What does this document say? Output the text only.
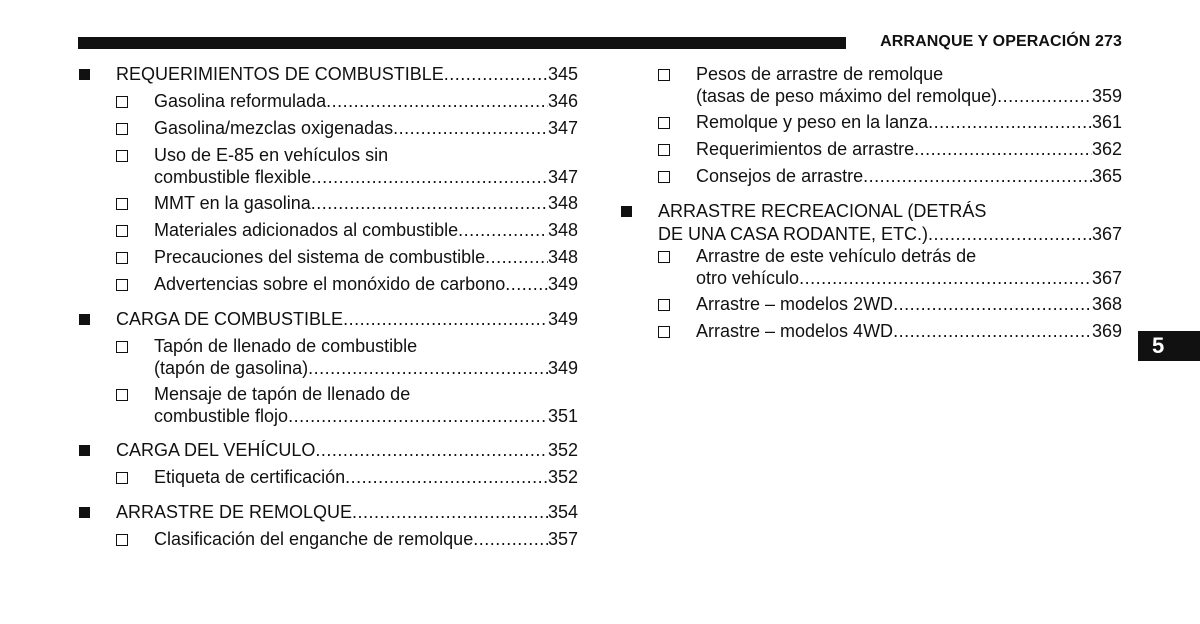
ARRANQUE Y OPERACIÓN 273
REQUERIMIENTOS DE COMBUSTIBLE .....	345
Gasolina reformulada .....	346
Gasolina/mezclas oxigenadas .....	347
Uso de E-85 en vehículos sin
combustible flexible .....	347
MMT en la gasolina .....	348
Materiales adicionados al combustible .....	348
Precauciones del sistema de combustible .....	348
Advertencias sobre el monóxido de carbono ..... 349
CARGA DE COMBUSTIBLE .....	349
Tapón de llenado de combustible
(tapón de gasolina) .....	349
Mensaje de tapón de llenado de
combustible flojo .....	351
CARGA DEL VEHÍCULO .....	352
Etiqueta de certificación .....	352
ARRASTRE DE REMOLQUE .....	354
Clasificación del enganche de remolque .....	357
Pesos de arrastre de remolque
(tasas de peso máximo del remolque) .....	359
Remolque y peso en la lanza .....	361
Requerimientos de arrastre .....	362
Consejos de arrastre .....	365
ARRASTRE RECREACIONAL (DETRÁS
DE UNA CASA RODANTE, ETC.) .....	367
Arrastre de este vehículo detrás de
otro vehículo .....	367
Arrastre – modelos 2WD .....	368
Arrastre – modelos 4WD .....	369
5
